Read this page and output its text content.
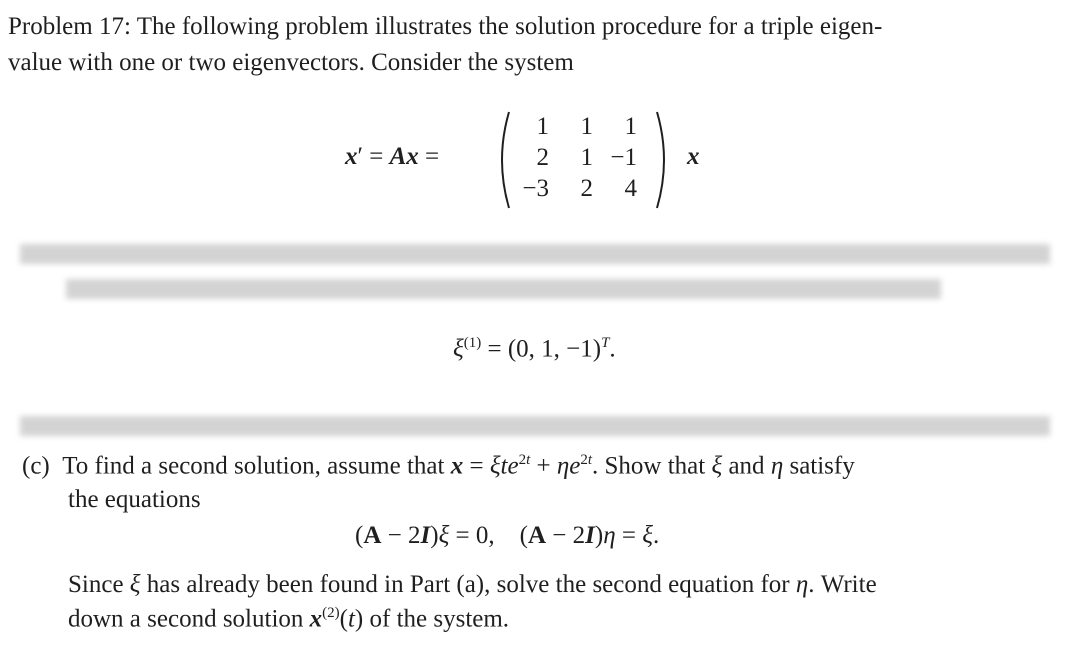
Problem 17: The following problem illustrates the solution procedure for a triple eigen-
value with one or two eigenvectors. Consider the system
x′ = Ax =
1	1	1
2	1 −1
−3	2	4
x
$\xi^{(1)} = (0$, 1, −1)$^T$.
(c)  To find a second solution, assume that $x = \xi te^{2t} + \eta e^{2t}$. Show that ξ and η satisfy
the equations
(A − 2I)ξ = 0,    (A − 2I)η = ξ.
Since ξ has already been found in Part (a), solve the second equation for η. Write
down a second solution $x^{(2)}(t)$ of the system.
